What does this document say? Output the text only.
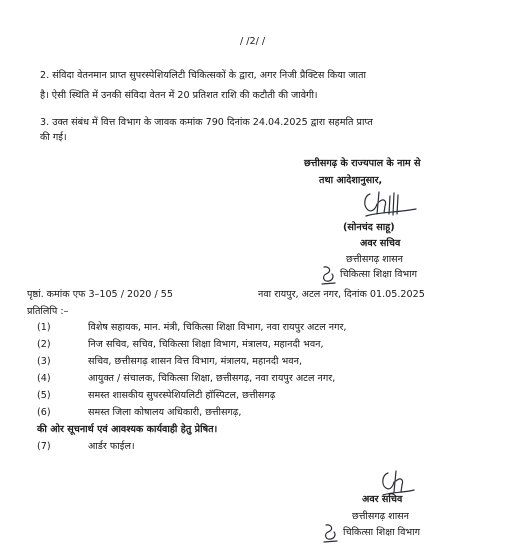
/ /2/ /
2. संविदा वेतनमान प्राप्त सुपरस्पेशियलिटी चिकित्सकों के द्वारा, अगर निजी प्रैक्टिस किया जाता
है। ऐसी स्थिति में उनकी संविदा वेतन में 20 प्रतिशत राशि की कटौती की जावेगी।
3. उक्त संबंध में वित्त विभाग के जावक कमांक 790 दिनांक 24.04.2025 द्वारा सहमति प्राप्त
की गई।
छत्तीसगढ़ के राज्यपाल के नाम से
तथा आदेशानुसार,
(सोनचंद साहू)
अवर सचिव
छत्तीसगढ़ शासन
चिकित्सा शिक्षा विभाग
पृष्ठां. कमांक एफ 3–105 / 2020 / 55	नवा रायपुर, अटल नगर, दिनांक 01.05.2025
प्रतिलिपि :–
(1)	विशेष सहायक, मान. मंत्री, चिकित्सा शिक्षा विभाग, नवा रायपुर अटल नगर,
(2)	निज सचिव, सचिव, चिकित्सा शिक्षा विभाग, मंत्रालय, महानदी भवन,
(3)	सचिव, छत्तीसगढ़ शासन वित्त विभाग, मंत्रालय, महानदी भवन,
(4)	आयुक्त / संचालक, चिकित्सा शिक्षा, छत्तीसगढ़, नवा रायपुर अटल नगर,
(5)	समस्त शासकीय सुपरस्पेशियलिटी हॉस्पिटल, छत्तीसगढ़
(6)	समस्त जिला कोषालय अधिकारी, छत्तीसगढ़,
की ओर सूचनार्थ एवं आवश्यक कार्यवाही हेतु प्रेषित।
(7)	आर्डर फाईल।
अवर सचिव
छत्तीसगढ़ शासन
चिकित्सा शिक्षा विभाग
